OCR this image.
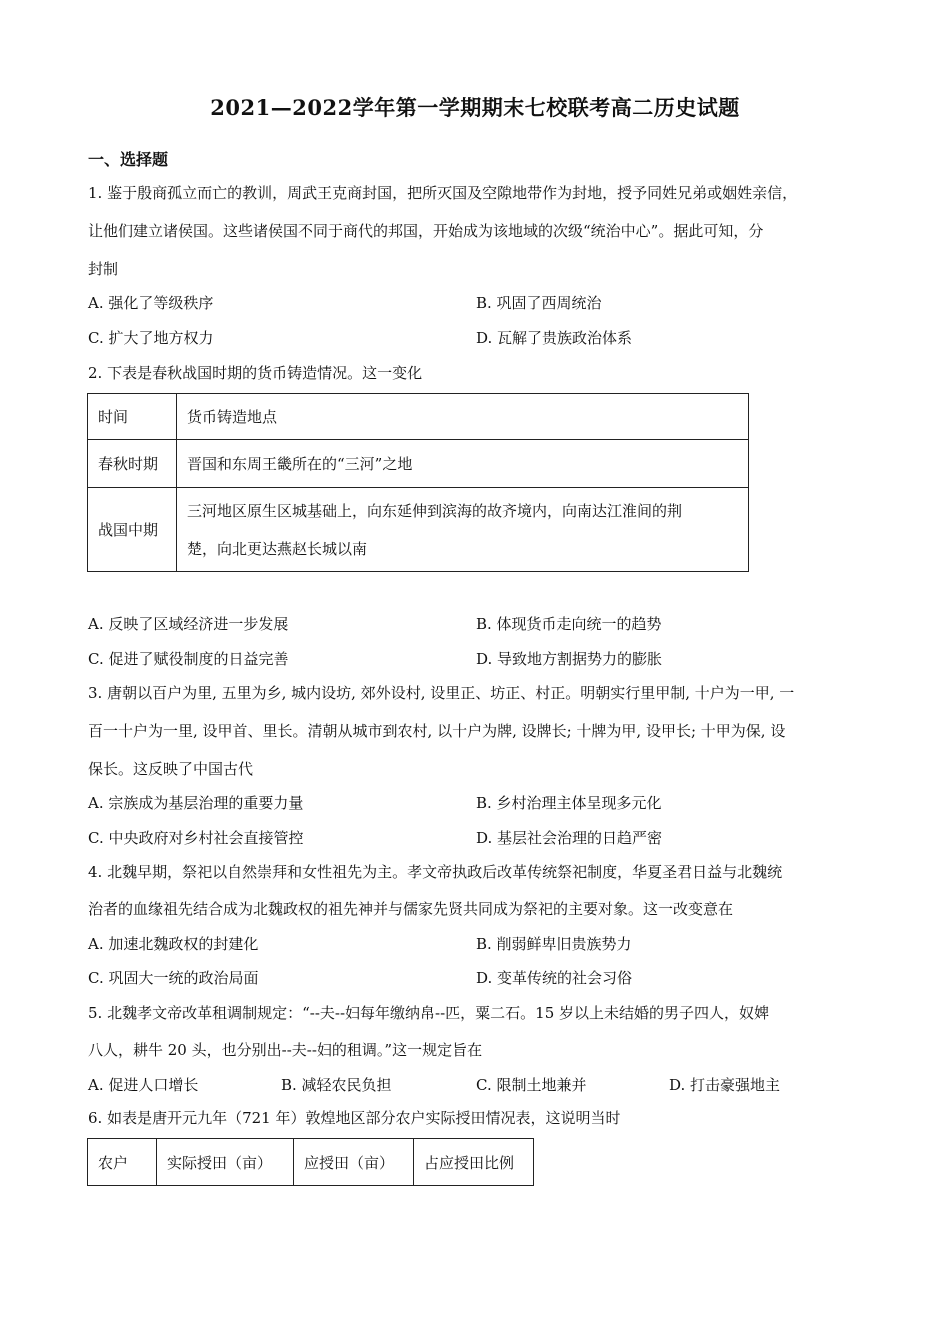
2021—2022学年第一学期期末七校联考高二历史试题
一、选择题
1. 鉴于殷商孤立而亡的教训，周武王克商封国，把所灭国及空隙地带作为封地，授予同姓兄弟或姻姓亲信，
让他们建立诸侯国。这些诸侯国不同于商代的邦国，开始成为该地域的次级“统治中心”。据此可知，分
封制
A. 强化了等级秩序	B. 巩固了西周统治
C. 扩大了地方权力	D. 瓦解了贵族政治体系
2. 下表是春秋战国时期的货币铸造情况。这一变化
时间	货币铸造地点
春秋时期	晋国和东周王畿所在的“三河”之地
战国中期	三河地区原生区城基础上，向东延伸到滨海的故齐境内，向南达江淮间的荆
楚，向北更达燕赵长城以南
A. 反映了区域经济进一步发展	B. 体现货币走向统一的趋势
C. 促进了赋役制度的日益完善	D. 导致地方割据势力的膨胀
3. 唐朝以百户为里, 五里为乡, 城内设坊, 郊外设村, 设里正、坊正、村正。明朝实行里甲制, 十户为一甲, 一
百一十户为一里, 设甲首、里长。清朝从城市到农村, 以十户为牌, 设牌长; 十牌为甲, 设甲长; 十甲为保, 设
保长。这反映了中国古代
A. 宗族成为基层治理的重要力量	B. 乡村治理主体呈现多元化
C. 中央政府对乡村社会直接管控	D. 基层社会治理的日趋严密
4. 北魏早期，祭祀以自然崇拜和女性祖先为主。孝文帝执政后改革传统祭祀制度，华夏圣君日益与北魏统
治者的血缘祖先结合成为北魏政权的祖先神并与儒家先贤共同成为祭祀的主要对象。这一改变意在
A. 加速北魏政权的封建化	B. 削弱鲜卑旧贵族势力
C. 巩固大一统的政治局面	D. 变革传统的社会习俗
5. 北魏孝文帝改革租调制规定：“--夫--妇每年缴纳帛--匹，粟二石。15 岁以上未结婚的男子四人，奴婢
八人，耕牛 20 头，也分别出--夫--妇的租调。”这一规定旨在
A. 促进人口增长	B. 减轻农民负担	C. 限制土地兼并	D. 打击豪强地主
6. 如表是唐开元九年（721 年）敦煌地区部分农户实际授田情况表，这说明当时
农户	实际授田（亩）	应授田（亩）	占应授田比例
